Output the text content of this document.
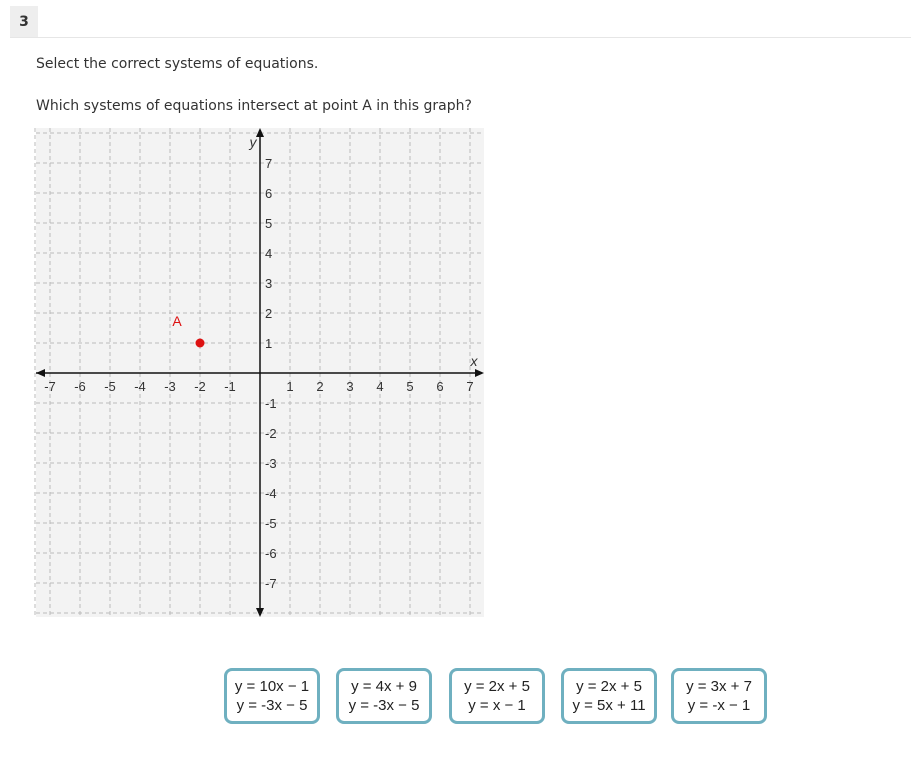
3
Select the correct systems of equations.
Which systems of equations intersect at point A in this graph?
-7 -6 -5 -4 -3 -2 -1	1 2 3 4 5 6 7
7
6
5
4
3
2
1
-1
-2
-3
-4
-5
-6
-7
x
y
A
y = 10x − 1
y = -3x − 5
y = 4x + 9
y = -3x − 5
y = 2x + 5
y = x − 1
y = 2x + 5
y = 5x + 11
y = 3x + 7
y = -x − 1
